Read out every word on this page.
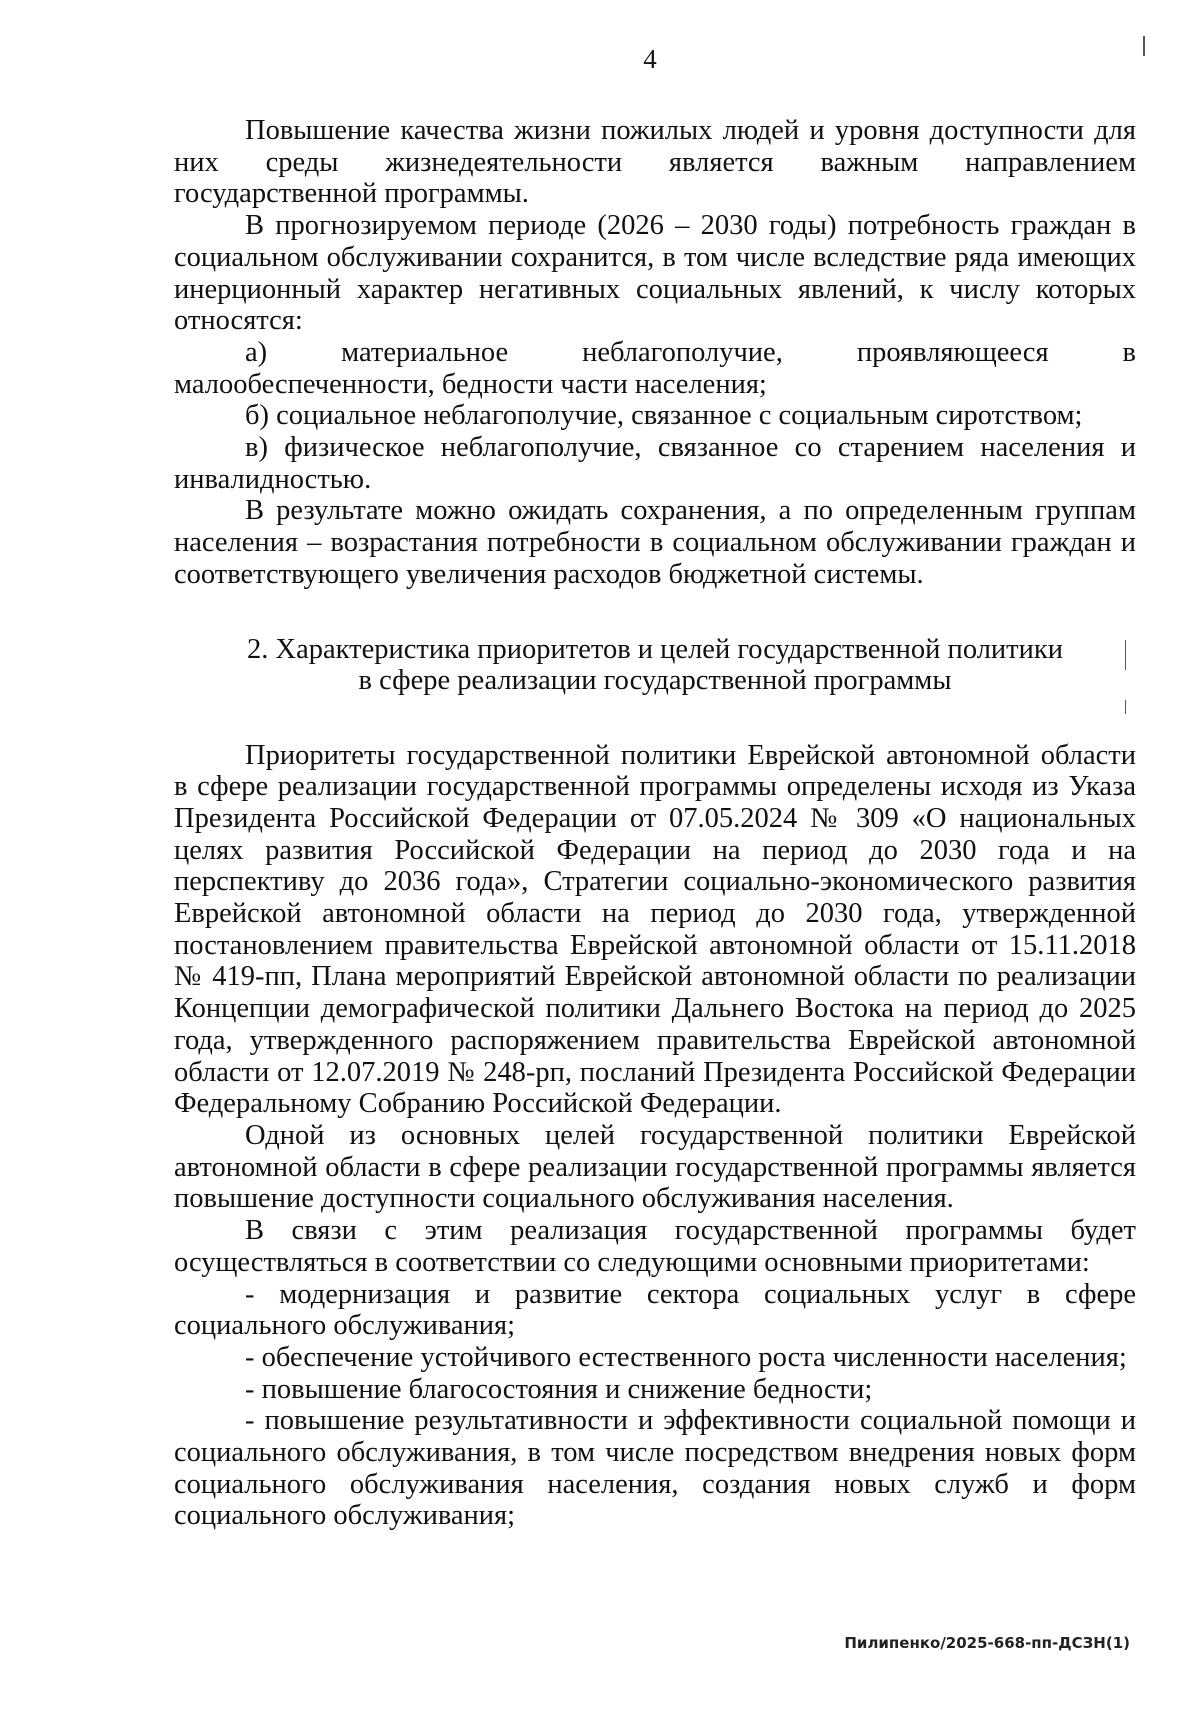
4

Повышение качества жизни пожилых людей и уровня доступности для них среды жизнедеятельности является важным направлением государственной программы.

В прогнозируемом периоде (2026 – 2030 годы) потребность граждан в социальном обслуживании сохранится, в том числе вследствие ряда имеющих инерционный характер негативных социальных явлений, к числу которых относятся:

а) материальное неблагополучие, проявляющееся в малообеспеченности, бедности части населения;

б) социальное неблагополучие, связанное с социальным сиротством;

в) физическое неблагополучие, связанное со старением населения и инвалидностью.

В результате можно ожидать сохранения, а по определенным группам населения – возрастания потребности в социальном обслуживании граждан и соответствующего увеличения расходов бюджетной системы.

2. Характеристика приоритетов и целей государственной политики
в сфере реализации государственной программы

Приоритеты государственной политики Еврейской автономной области в сфере реализации государственной программы определены исходя из Указа Президента Российской Федерации от 07.05.2024 № 309 «О национальных целях развития Российской Федерации на период до 2030 года и на перспективу до 2036 года», Стратегии социально-экономического развития Еврейской автономной области на период до 2030 года, утвержденной постановлением правительства Еврейской автономной области от 15.11.2018 № 419-пп, Плана мероприятий Еврейской автономной области по реализации Концепции демографической политики Дальнего Востока на период до 2025 года, утвержденного распоряжением правительства Еврейской автономной области от 12.07.2019 № 248-рп, посланий Президента Российской Федерации Федеральному Собранию Российской Федерации.

Одной из основных целей государственной политики Еврейской автономной области в сфере реализации государственной программы является повышение доступности социального обслуживания населения.

В связи с этим реализация государственной программы будет осуществляться в соответствии со следующими основными приоритетами:

- модернизация и развитие сектора социальных услуг в сфере социального обслуживания;

- обеспечение устойчивого естественного роста численности населения;

- повышение благосостояния и снижение бедности;

- повышение результативности и эффективности социальной помощи и социального обслуживания, в том числе посредством внедрения новых форм социального обслуживания населения, создания новых служб и форм социального обслуживания;

Пилипенко/2025-668-пп-ДСЗН(1)
